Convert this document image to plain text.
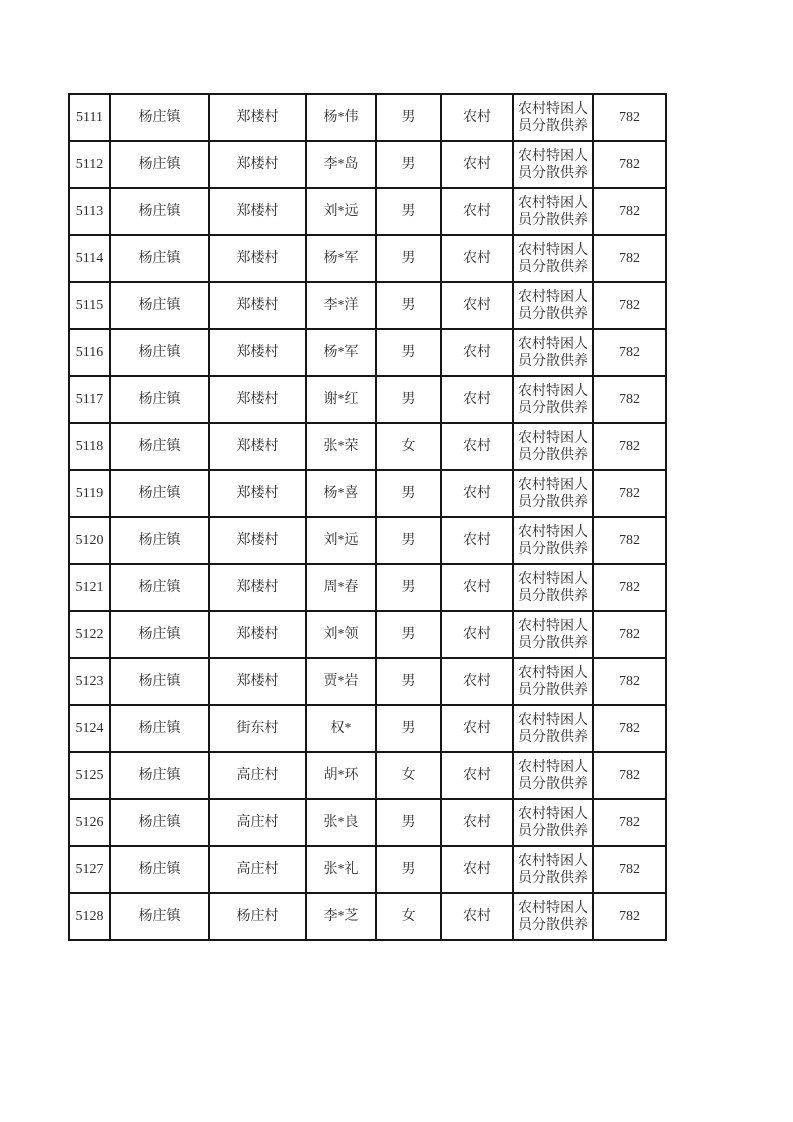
5111	杨庄镇	郑楼村	杨*伟	男	农村	农村特困人员分散供养	782
5112	杨庄镇	郑楼村	李*岛	男	农村	农村特困人员分散供养	782
5113	杨庄镇	郑楼村	刘*远	男	农村	农村特困人员分散供养	782
5114	杨庄镇	郑楼村	杨*军	男	农村	农村特困人员分散供养	782
5115	杨庄镇	郑楼村	李*洋	男	农村	农村特困人员分散供养	782
5116	杨庄镇	郑楼村	杨*军	男	农村	农村特困人员分散供养	782
5117	杨庄镇	郑楼村	谢*红	男	农村	农村特困人员分散供养	782
5118	杨庄镇	郑楼村	张*荣	女	农村	农村特困人员分散供养	782
5119	杨庄镇	郑楼村	杨*喜	男	农村	农村特困人员分散供养	782
5120	杨庄镇	郑楼村	刘*远	男	农村	农村特困人员分散供养	782
5121	杨庄镇	郑楼村	周*春	男	农村	农村特困人员分散供养	782
5122	杨庄镇	郑楼村	刘*领	男	农村	农村特困人员分散供养	782
5123	杨庄镇	郑楼村	贾*岩	男	农村	农村特困人员分散供养	782
5124	杨庄镇	街东村	权*	男	农村	农村特困人员分散供养	782
5125	杨庄镇	高庄村	胡*环	女	农村	农村特困人员分散供养	782
5126	杨庄镇	高庄村	张*良	男	农村	农村特困人员分散供养	782
5127	杨庄镇	高庄村	张*礼	男	农村	农村特困人员分散供养	782
5128	杨庄镇	杨庄村	李*芝	女	农村	农村特困人员分散供养	782
